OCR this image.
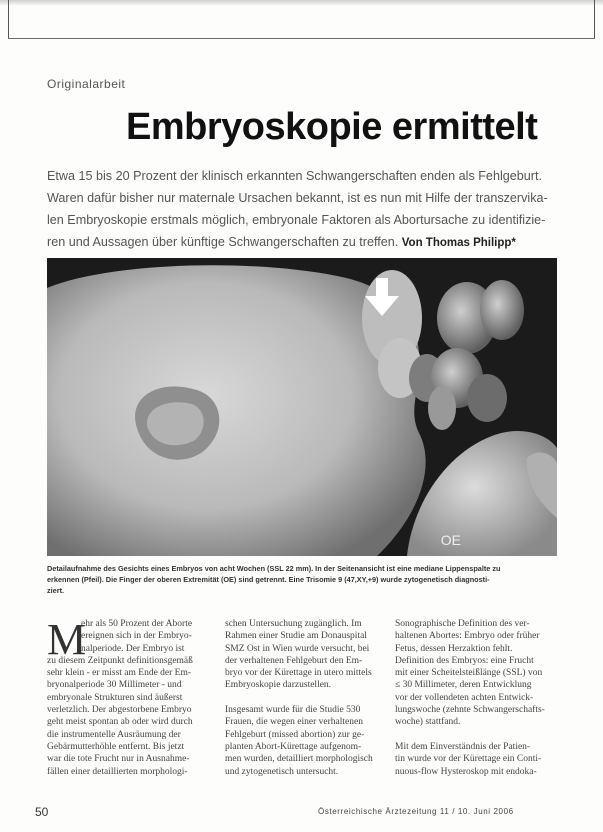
Originalarbeit
Embryoskopie ermittelt
Etwa 15 bis 20 Prozent der klinisch erkannten Schwangerschaften enden als Fehlgeburt.
Waren dafür bisher nur maternale Ursachen bekannt, ist es nun mit Hilfe der transzervika-
len Embryoskopie erstmals möglich, embryonale Faktoren als Abortursache zu identifizie-
ren und Aussagen über künftige Schwangerschaften zu treffen. Von Thomas Philipp*
OE
Detailaufnahme des Gesichts eines Embryos von acht Wochen (SSL 22 mm). In der Seitenansicht ist eine mediane Lippenspalte zu
erkennen (Pfeil). Die Finger der oberen Extremität (OE) sind getrennt. Eine Trisomie 9 (47,XY,+9) wurde zytogenetisch diagnosti-
ziert.
M
ehr als 50 Prozent der Aborte
ereignen sich in der Embryo-
nalperiode. Der Embryo ist
zu diesem Zeitpunkt definitionsgemäß
sehr klein - er misst am Ende der Em-
bryonalperiode 30 Millimeter - und
embryonale Strukturen sind äußerst
verletzlich. Der abgestorbene Embryo
geht meist spontan ab oder wird durch
die instrumentelle Ausräumung der
Gebärmutterhöhle entfernt. Bis jetzt
war die tote Frucht nur in Ausnahme-
fällen einer detaillierten morphologi-
schen Untersuchung zugänglich. Im
Rahmen einer Studie am Donauspital
SMZ Ost in Wien wurde versucht, bei
der verhaltenen Fehlgeburt den Em-
bryo vor der Kürettage in utero mittels
Embryoskopie darzustellen.

Insgesamt wurde für die Studie 530
Frauen, die wegen einer verhaltenen
Fehlgeburt (missed abortion) zur ge-
planten Abort-Kürettage aufgenom-
men wurden, detailliert morphologisch
und zytogenetisch untersucht.
Sonographische Definition des ver-
haltenen Abortes: Embryo oder früher
Fetus, dessen Herzaktion fehlt.
Definition des Embryos: eine Frucht
mit einer Scheitelsteißlänge (SSL) von
≤ 30 Millimeter, deren Entwicklung
vor der vollendeten achten Entwick-
lungswoche (zehnte Schwangerschafts-
woche) stattfand.

Mit dem Einverständnis der Patien-
tin wurde vor der Kürettage ein Conti-
nuous-flow Hysteroskop mit endoka-
50	Österreichische Ärztezeitung 11 / 10. Juni 2006
